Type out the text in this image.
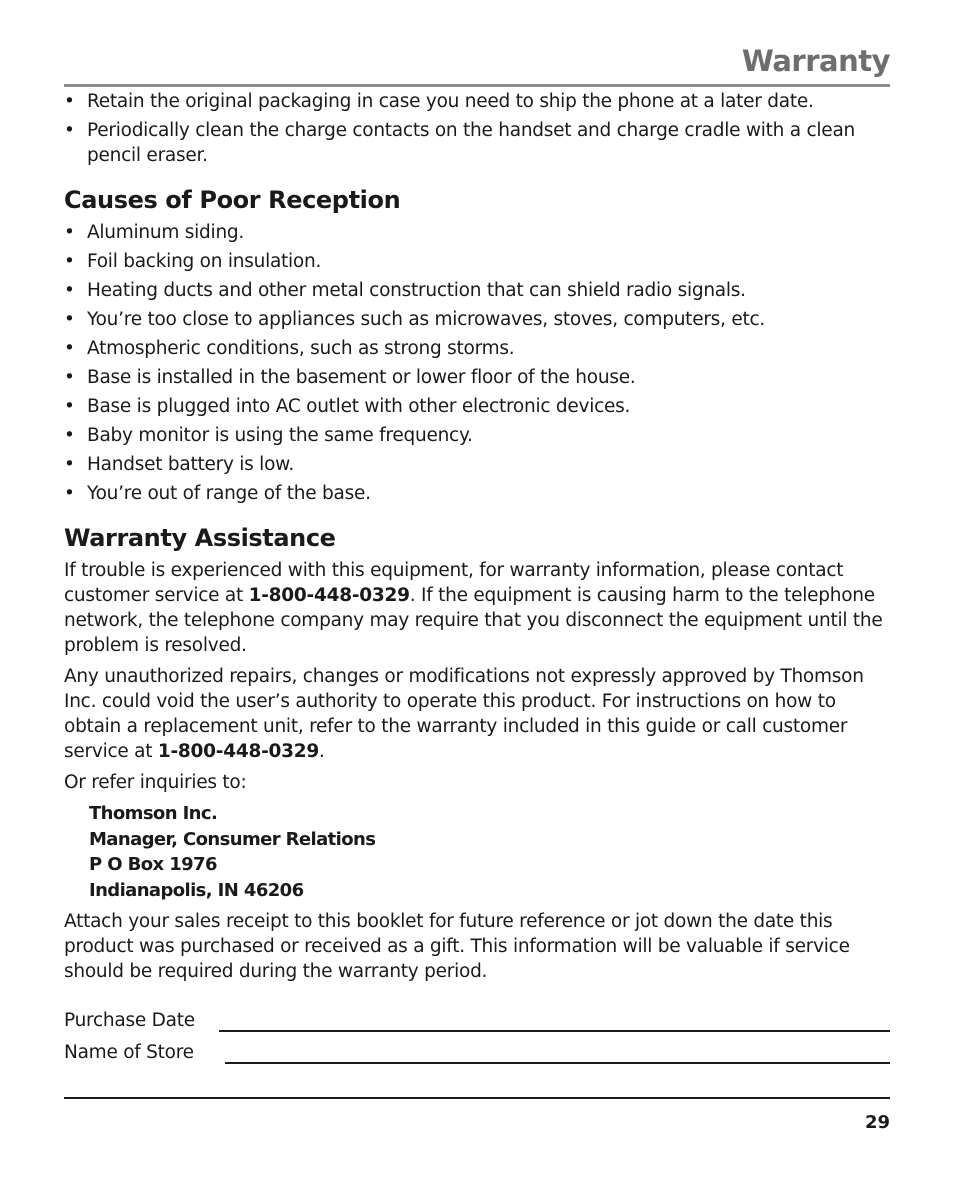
Warranty
• Retain the original packaging in case you need to ship the phone at a later date.
• Periodically clean the charge contacts on the handset and charge cradle with a clean pencil eraser.
Causes of Poor Reception
• Aluminum siding.
• Foil backing on insulation.
• Heating ducts and other metal construction that can shield radio signals.
• You’re too close to appliances such as microwaves, stoves, computers, etc.
• Atmospheric conditions, such as strong storms.
• Base is installed in the basement or lower floor of the house.
• Base is plugged into AC outlet with other electronic devices.
• Baby monitor is using the same frequency.
• Handset battery is low.
• You’re out of range of the base.
Warranty Assistance

If trouble is experienced with this equipment, for warranty information, please contact customer service at 1-800-448-0329. If the equipment is causing harm to the telephone network, the telephone company may require that you disconnect the equipment until the problem is resolved.

Any unauthorized repairs, changes or modifications not expressly approved by Thomson Inc. could void the user’s authority to operate this product. For instructions on how to obtain a replacement unit, refer to the warranty included in this guide or call customer service at 1-800-448-0329.

Or refer inquiries to:

Thomson Inc.
Manager, Consumer Relations
P O Box 1976
Indianapolis, IN 46206

Attach your sales receipt to this booklet for future reference or jot down the date this product was purchased or received as a gift. This information will be valuable if service should be required during the warranty period.

Purchase Date
Name of Store
29
